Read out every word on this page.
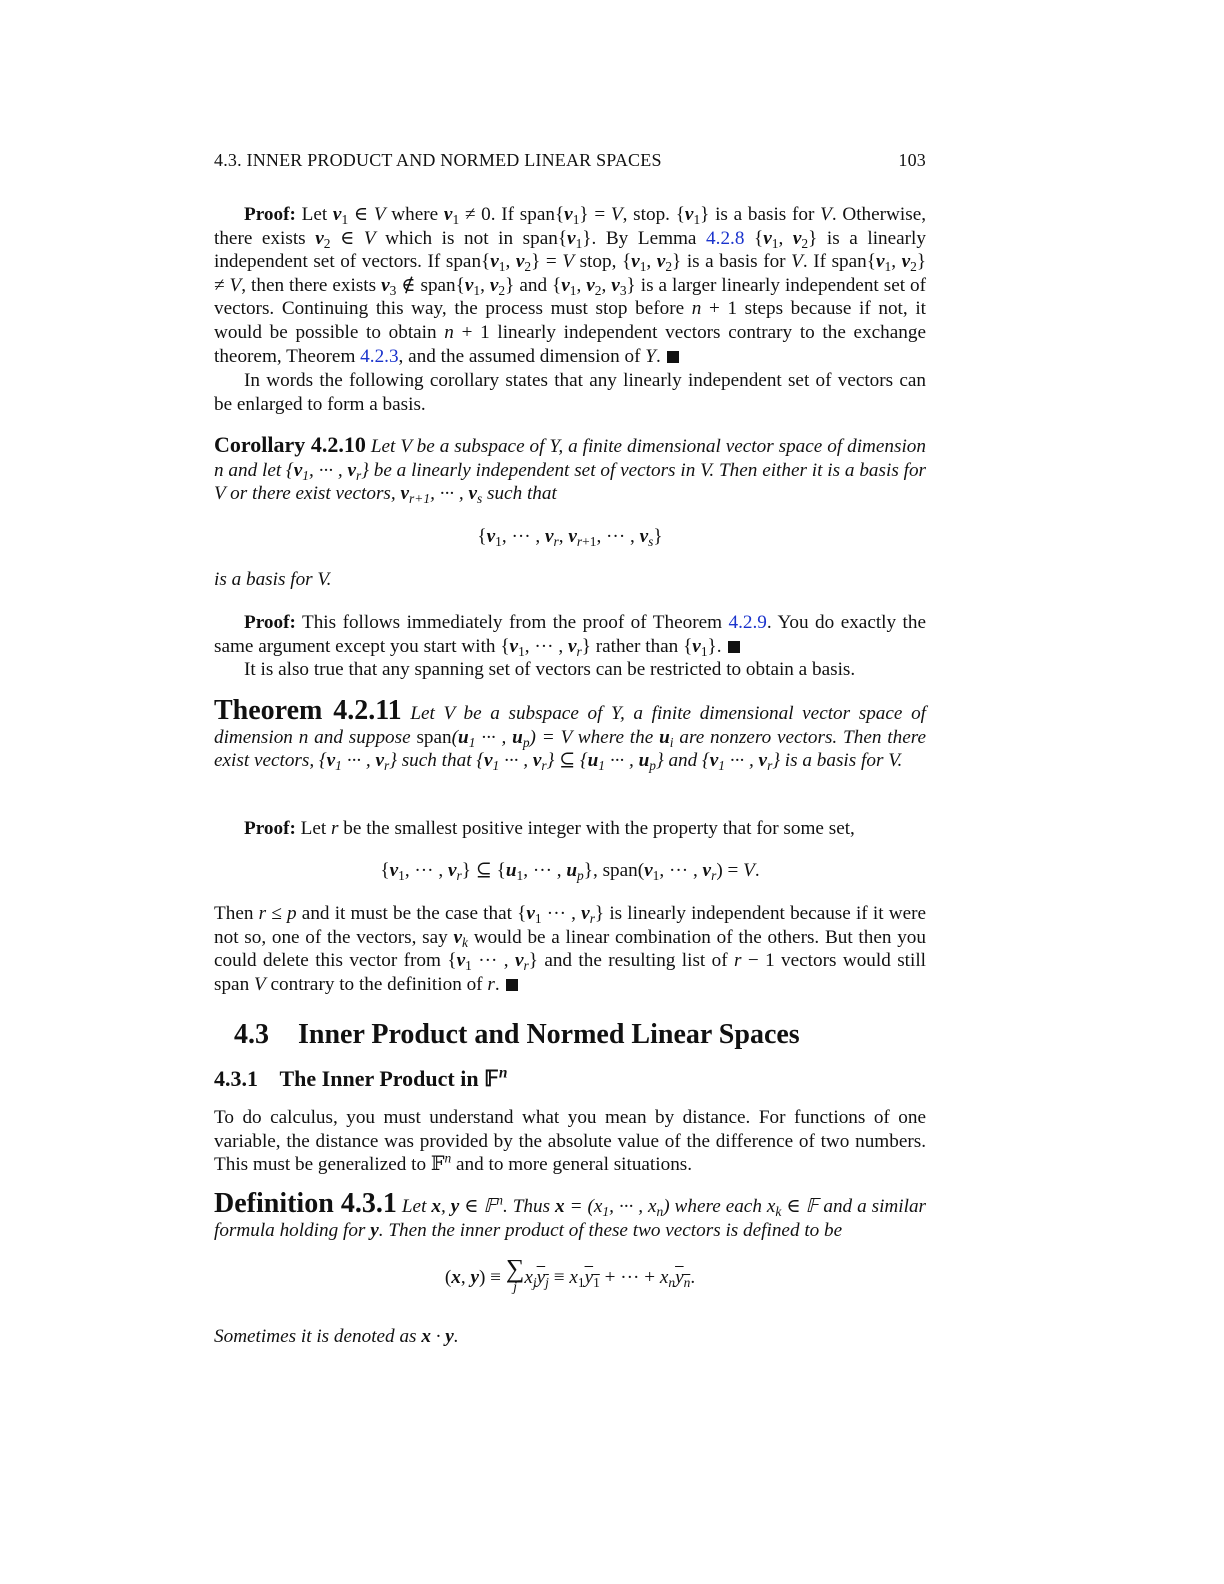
4.3. INNER PRODUCT AND NORMED LINEAR SPACES	103
Proof: Let $v_1$ ∈ V where $v_1 \ne 0$. If $span\{v_1\} = V$, stop. $\{v_1\}$ is a basis for V. Otherwise, there exists $v_2$ ∈ V which is not in $span\{v_1\}$. By Lemma 4.2.8 {$v_1$, $v_2$} is a linearly independent set of vectors. If $span\{v_1$, $v_2\} = V$ stop, {$v_1$, $v_2$} is a basis for V. If $span\{v_1$, $v_2\} \ne V$, then there exists $v_3$ ∉ $span\{v_1$, $v_2$} and {$v_1$, $v_2$, $v_3$} is a larger linearly independent set of vectors. Continuing this way, the process must stop before n + 1 steps because if not, it would be possible to obtain n + 1 linearly independent vectors contrary to the exchange theorem, Theorem 4.2.3, and the assumed dimension of Y.
In words the following corollary states that any linearly independent set of vectors can be enlarged to form a basis.
Corollary 4.2.10 Let V be a subspace of Y, a finite dimensional vector space of dimension n and let {$v_1$, ··· , $v_r$} be a linearly independent set of vectors in V. Then either it is a basis for V or there exist vectors, $v_{r+1}$, ··· , $v_s$ such that
{$v_1$, ··· , $v_r$, $v_{r+1}$, ··· , $v_s$}
is a basis for V.
Proof: This follows immediately from the proof of Theorem 4.2.9. You do exactly the same argument except you start with {$v_1$, ··· , $v_r$} rather than $\{v_1\}$.
It is also true that any spanning set of vectors can be restricted to obtain a basis.
Theorem 4.2.11 Let V be a subspace of Y, a finite dimensional vector space of dimension n and suppose $span(u_1$ ··· , $u_p) = V$ where the $u_i$ are nonzero vectors. Then there exist vectors, {$v_1$ ··· , $v_r$} such that {$v_1$ ··· , $v_r$} ⊆ {$u_1$ ··· , $u_p$} and {$v_1$ ··· , $v_r$} is a basis for V.
Proof: Let r be the smallest positive integer with the property that for some set,
{$v_1$, ··· , $v_r$} ⊆ {$u_1$, ··· , $u_p$}, $span(v_1$, ··· , $v_r) = V$.
Then r ≤ p and it must be the case that {$v_1$ ··· , $v_r$} is linearly independent because if it were not so, one of the vectors, say $v_k$ would be a linear combination of the others. But then you could delete this vector from {$v_1$ ··· , $v_r$} and the resulting list of r − 1 vectors would still span V contrary to the definition of r.
4.3 Inner Product and Normed Linear Spaces
4.3.1 The Inner Product in 𝔽$^n$
To do calculus, you must understand what you mean by distance. For functions of one variable, the distance was provided by the absolute value of the difference of two numbers. This must be generalized to 𝔽$^n$ and to more general situations.
Definition 4.3.1 Let x, y ∈ 𝔽$^n$. Thus $x = (x_1$, ··· , $x_n$) where each $x_k$ ∈ 𝔽 and a similar formula holding for y. Then the inner product of these two vectors is defined to be
(x, y) ≡ ∑
j $x_jy_j \equiv x_1y_1$ + ··· + $x_ny_n$.
Sometimes it is denoted as x · y.
